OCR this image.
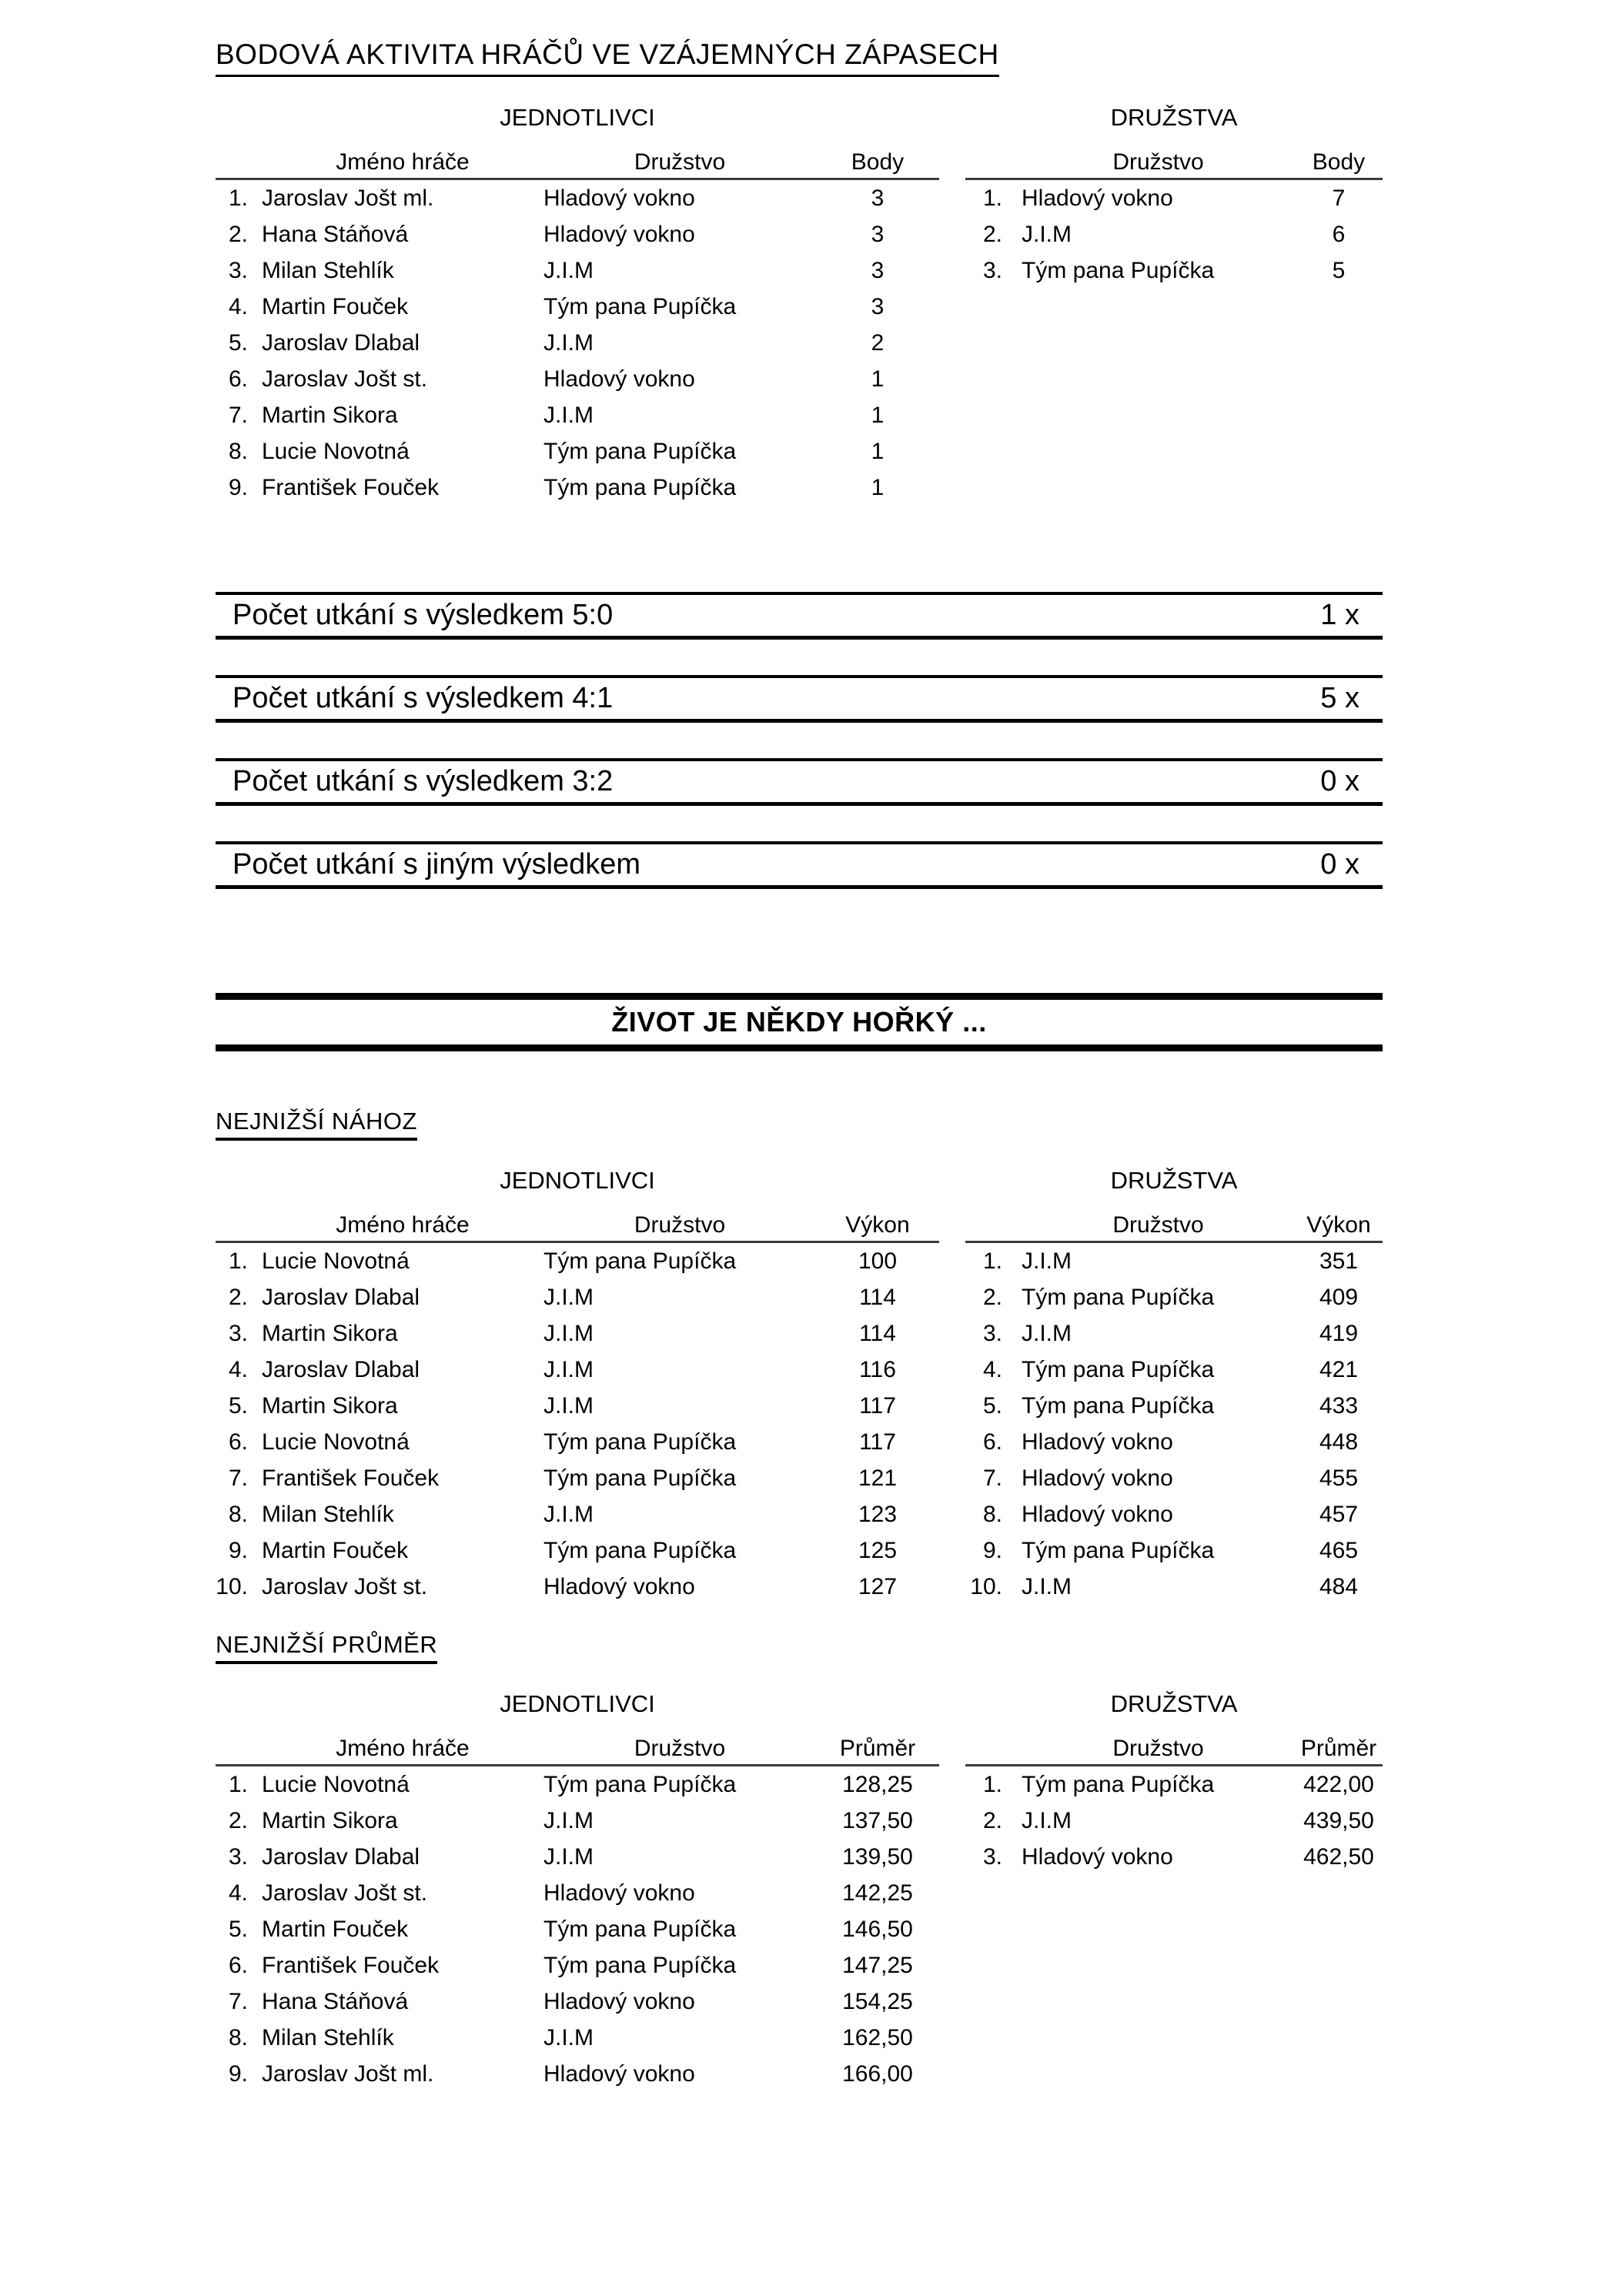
BODOVÁ AKTIVITA HRÁČŮ VE VZÁJEMNÝCH ZÁPASECH
JEDNOTLIVCI
	Jméno hráče	Družstvo	Body
1.	Jaroslav Jošt ml.	Hladový vokno	3
2.	Hana Stáňová	Hladový vokno	3
3.	Milan Stehlík	J.I.M	3
4.	Martin Fouček	Tým pana Pupíčka	3
5.	Jaroslav Dlabal	J.I.M	2
6.	Jaroslav Jošt st.	Hladový vokno	1
7.	Martin Sikora	J.I.M	1
8.	Lucie Novotná	Tým pana Pupíčka	1
9.	František Fouček	Tým pana Pupíčka	1
DRUŽSTVA
	Družstvo	Body
1.	Hladový vokno	7
2.	J.I.M	6
3.	Tým pana Pupíčka	5
Počet utkání s výsledkem 5:0	1 x
Počet utkání s výsledkem 4:1	5 x
Počet utkání s výsledkem 3:2	0 x
Počet utkání s jiným výsledkem	0 x
ŽIVOT JE NĚKDY HOŘKÝ ...
NEJNIŽŠÍ NÁHOZ
JEDNOTLIVCI
	Jméno hráče	Družstvo	Výkon
1.	Lucie Novotná	Tým pana Pupíčka	100
2.	Jaroslav Dlabal	J.I.M	114
3.	Martin Sikora	J.I.M	114
4.	Jaroslav Dlabal	J.I.M	116
5.	Martin Sikora	J.I.M	117
6.	Lucie Novotná	Tým pana Pupíčka	117
7.	František Fouček	Tým pana Pupíčka	121
8.	Milan Stehlík	J.I.M	123
9.	Martin Fouček	Tým pana Pupíčka	125
10.	Jaroslav Jošt st.	Hladový vokno	127
DRUŽSTVA
	Družstvo	Výkon
1.	J.I.M	351
2.	Tým pana Pupíčka	409
3.	J.I.M	419
4.	Tým pana Pupíčka	421
5.	Tým pana Pupíčka	433
6.	Hladový vokno	448
7.	Hladový vokno	455
8.	Hladový vokno	457
9.	Tým pana Pupíčka	465
10.	J.I.M	484
NEJNIŽŠÍ PRŮMĚR
JEDNOTLIVCI
	Jméno hráče	Družstvo	Průměr
1.	Lucie Novotná	Tým pana Pupíčka	128,25
2.	Martin Sikora	J.I.M	137,50
3.	Jaroslav Dlabal	J.I.M	139,50
4.	Jaroslav Jošt st.	Hladový vokno	142,25
5.	Martin Fouček	Tým pana Pupíčka	146,50
6.	František Fouček	Tým pana Pupíčka	147,25
7.	Hana Stáňová	Hladový vokno	154,25
8.	Milan Stehlík	J.I.M	162,50
9.	Jaroslav Jošt ml.	Hladový vokno	166,00
DRUŽSTVA
	Družstvo	Průměr
1.	Tým pana Pupíčka	422,00
2.	J.I.M	439,50
3.	Hladový vokno	462,50
